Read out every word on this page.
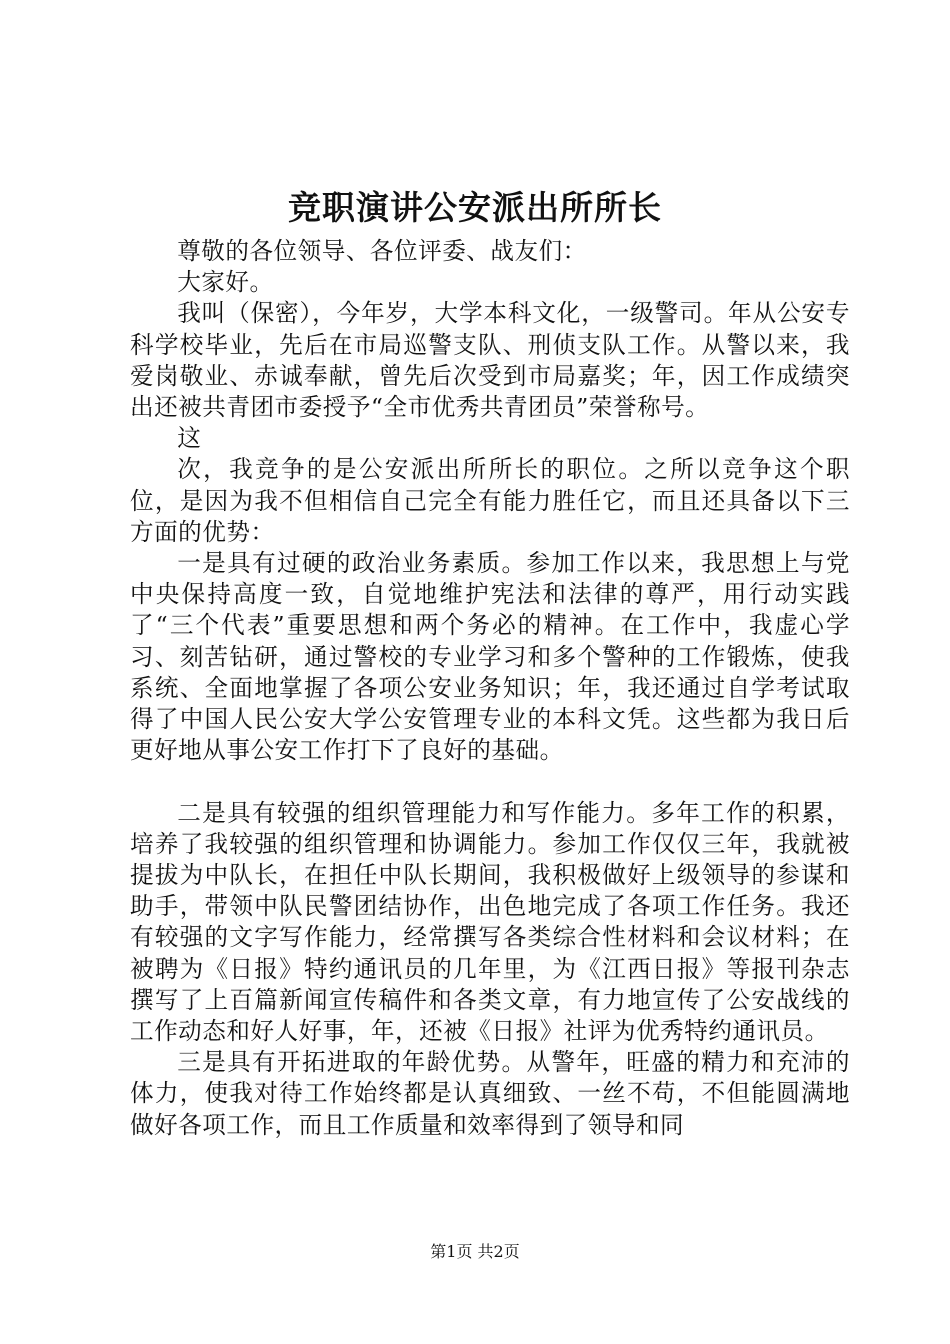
竞职演讲公安派出所所长

尊敬的各位领导、各位评委、战友们：

大家好。

我叫（保密），今年岁，大学本科文化，一级警司。年从公安专科学校毕业，先后在市局巡警支队、刑侦支队工作。从警以来，我爱岗敬业、赤诚奉献，曾先后次受到市局嘉奖；年，因工作成绩突出还被共青团市委授予“全市优秀共青团员”荣誉称号。

这

次，我竞争的是公安派出所所长的职位。之所以竞争这个职位，是因为我不但相信自己完全有能力胜任它，而且还具备以下三方面的优势：

一是具有过硬的政治业务素质。参加工作以来，我思想上与党中央保持高度一致，自觉地维护宪法和法律的尊严，用行动实践了“三个代表”重要思想和两个务必的精神。在工作中，我虚心学习、刻苦钻研，通过警校的专业学习和多个警种的工作锻炼，使我系统、全面地掌握了各项公安业务知识；年，我还通过自学考试取得了中国人民公安大学公安管理专业的本科文凭。这些都为我日后更好地从事公安工作打下了良好的基础。

二是具有较强的组织管理能力和写作能力。多年工作的积累，培养了我较强的组织管理和协调能力。参加工作仅仅三年，我就被提拔为中队长，在担任中队长期间，我积极做好上级领导的参谋和助手，带领中队民警团结协作，出色地完成了各项工作任务。我还有较强的文字写作能力，经常撰写各类综合性材料和会议材料；在被聘为《日报》特约通讯员的几年里，为《江西日报》等报刊杂志撰写了上百篇新闻宣传稿件和各类文章，有力地宣传了公安战线的工作动态和好人好事，年，还被《日报》社评为优秀特约通讯员。

三是具有开拓进取的年龄优势。从警年，旺盛的精力和充沛的体力，使我对待工作始终都是认真细致、一丝不苟，不但能圆满地做好各项工作，而且工作质量和效率得到了领导和同

第1页 共2页
